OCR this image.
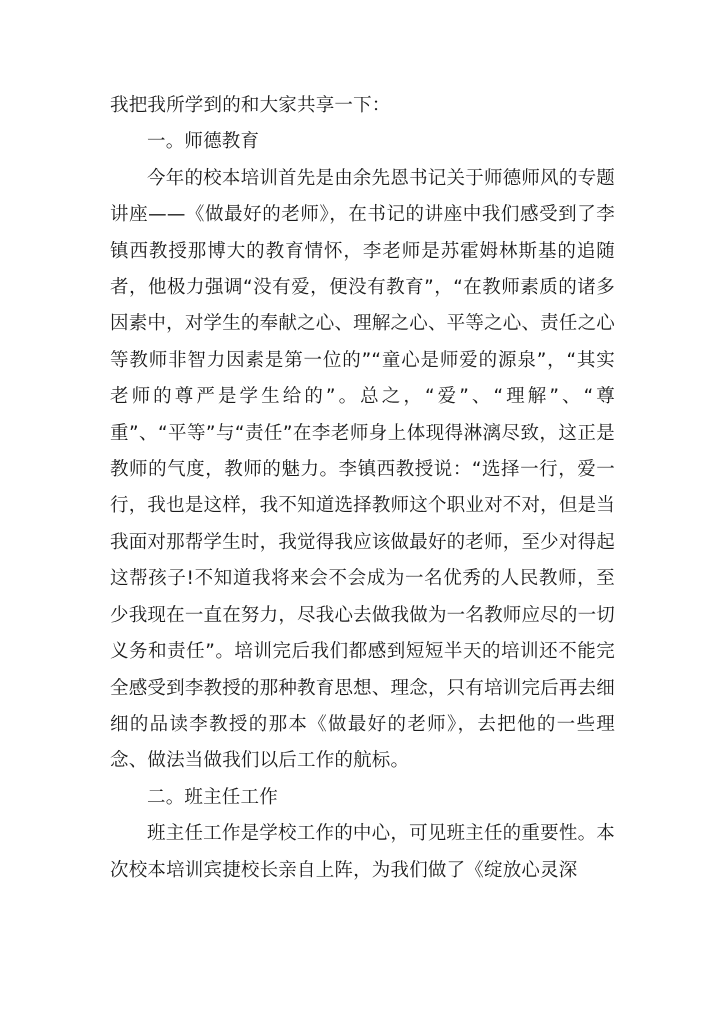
我把我所学到的和大家共享一下：

一。师德教育

今年的校本培训首先是由余先恩书记关于师德师风的专题讲座——《做最好的老师》，在书记的讲座中我们感受到了李镇西教授那博大的教育情怀，李老师是苏霍姆林斯基的追随者，他极力强调“没有爱，便没有教育”，“在教师素质的诸多因素中，对学生的奉献之心、理解之心、平等之心、责任之心等教师非智力因素是第一位的”“童心是师爱的源泉”，“其实老师的尊严是学生给的”。总之，“爱”、“理解”、“尊重”、“平等”与“责任”在李老师身上体现得淋漓尽致，这正是教师的气度，教师的魅力。李镇西教授说：“选择一行，爱一行，我也是这样，我不知道选择教师这个职业对不对，但是当我面对那帮学生时，我觉得我应该做最好的老师，至少对得起这帮孩子!不知道我将来会不会成为一名优秀的人民教师，至少我现在一直在努力，尽我心去做我做为一名教师应尽的一切义务和责任”。培训完后我们都感到短短半天的培训还不能完全感受到李教授的那种教育思想、理念，只有培训完后再去细细的品读李教授的那本《做最好的老师》，去把他的一些理念、做法当做我们以后工作的航标。

二。班主任工作

班主任工作是学校工作的中心，可见班主任的重要性。本次校本培训宾捷校长亲自上阵，为我们做了《绽放心灵深
